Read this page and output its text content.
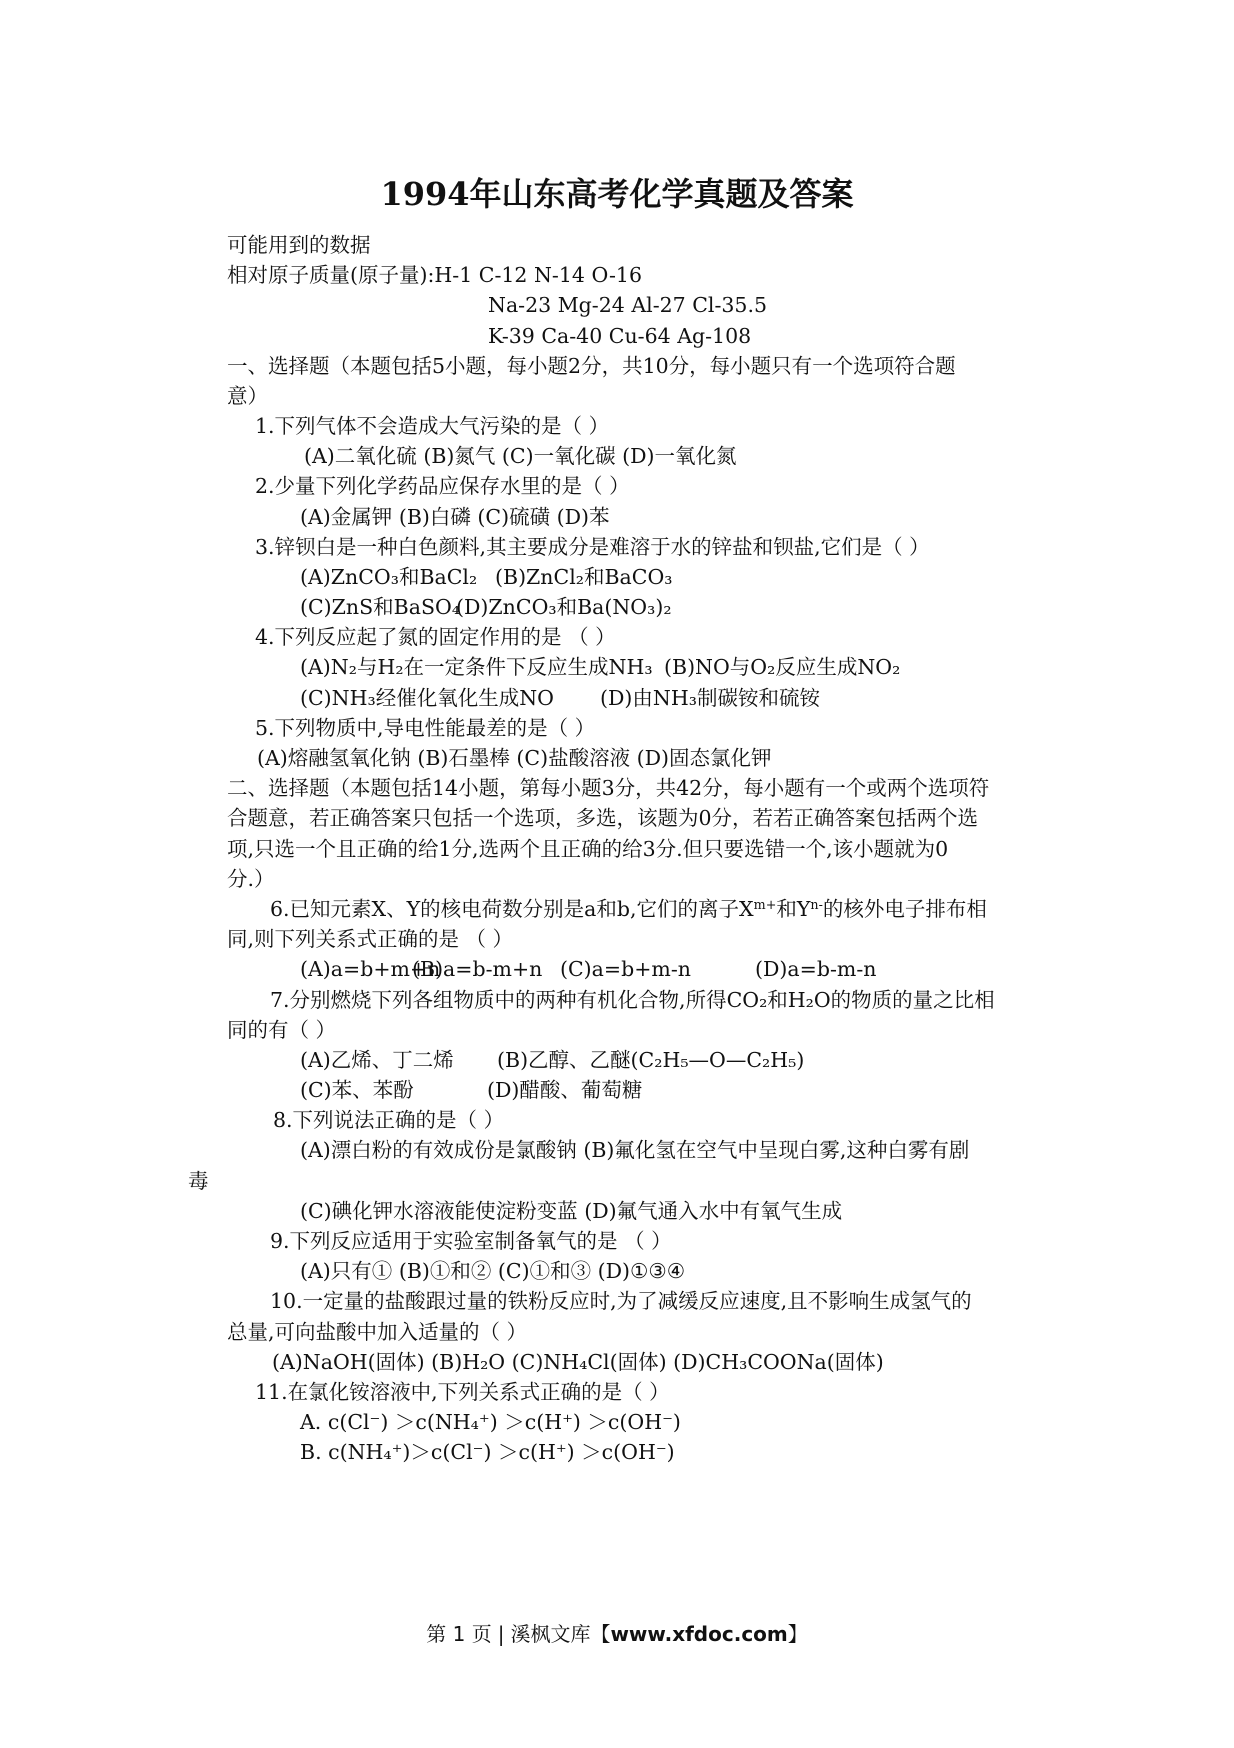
1994年山东高考化学真题及答案
可能用到的数据
相对原子质量(原子量):H-1 C-12 N-14 O-16
Na-23 Mg-24 Al-27 Cl-35.5
K-39 Ca-40 Cu-64 Ag-108
一、选择题（本题包括5小题，每小题2分，共10分，每小题只有一个选项符合题
意）
1.下列气体不会造成大气污染的是（ ）
(A)二氧化硫 (B)氮气 (C)一氧化碳 (D)一氧化氮
2.少量下列化学药品应保存水里的是（ ）
(A)金属钾 (B)白磷 (C)硫磺 (D)苯
3.锌钡白是一种白色颜料,其主要成分是难溶于水的锌盐和钡盐,它们是（ ）
(A)ZnCO₃和BaCl₂ (B)ZnCl₂和BaCO₃
(C)ZnS和BaSO₄
(D)ZnCO₃和Ba(NO₃)₂
4.下列反应起了氮的固定作用的是 （ ）
(A)N₂与H₂在一定条件下反应生成NH₃ (B)NO与O₂反应生成NO₂
(C)NH₃经催化氧化生成NO (D)由NH₃制碳铵和硫铵
5.下列物质中,导电性能最差的是（ ）
(A)熔融氢氧化钠 (B)石墨棒 (C)盐酸溶液 (D)固态氯化钾
二、选择题（本题包括14小题，第每小题3分，共42分，每小题有一个或两个选项符
合题意，若正确答案只包括一个选项，多选，该题为0分，若若正确答案包括两个选
项,只选一个且正确的给1分,选两个且正确的给3分.但只要选错一个,该小题就为0
分.）
6.已知元素X、Y的核电荷数分别是a和b,它们的离子$X^{m+}$和$Y^{n-}$的核外电子排布相
同,则下列关系式正确的是 （ ）
(A)a=b+m+n
(B)a=b-m+n (C)a=b+m-n	(D)a=b-m-n
7.分别燃烧下列各组物质中的两种有机化合物,所得CO₂和H₂O的物质的量之比相
同的有（ ）
(A)乙烯、丁二烯 (B)乙醇、乙醚(C₂H₅—O—C₂H₅)
(C)苯、苯酚	(D)醋酸、葡萄糖
8.下列说法正确的是（ ）
(A)漂白粉的有效成份是氯酸钠 (B)氟化氢在空气中呈现白雾,这种白雾有剧
毒
(C)碘化钾水溶液能使淀粉变蓝 (D)氟气通入水中有氧气生成
9.下列反应适用于实验室制备氧气的是 （ ）
(A)只有① (B)①和② (C)①和③ (D)①③④
10.一定量的盐酸跟过量的铁粉反应时,为了减缓反应速度,且不影响生成氢气的
总量,可向盐酸中加入适量的（ ）
(A)NaOH(固体) (B)H₂O (C)NH₄Cl(固体) (D)CH₃COONa(固体)
11.在氯化铵溶液中,下列关系式正确的是（ ）
A. c(Cl⁻) ＞c(NH₄⁺) ＞c(H⁺) ＞c(OH⁻)
B. c(NH₄⁺)＞c(Cl⁻) ＞c(H⁺) ＞c(OH⁻)
第 1 页 | 溪枫文库【www.xfdoc.com】
